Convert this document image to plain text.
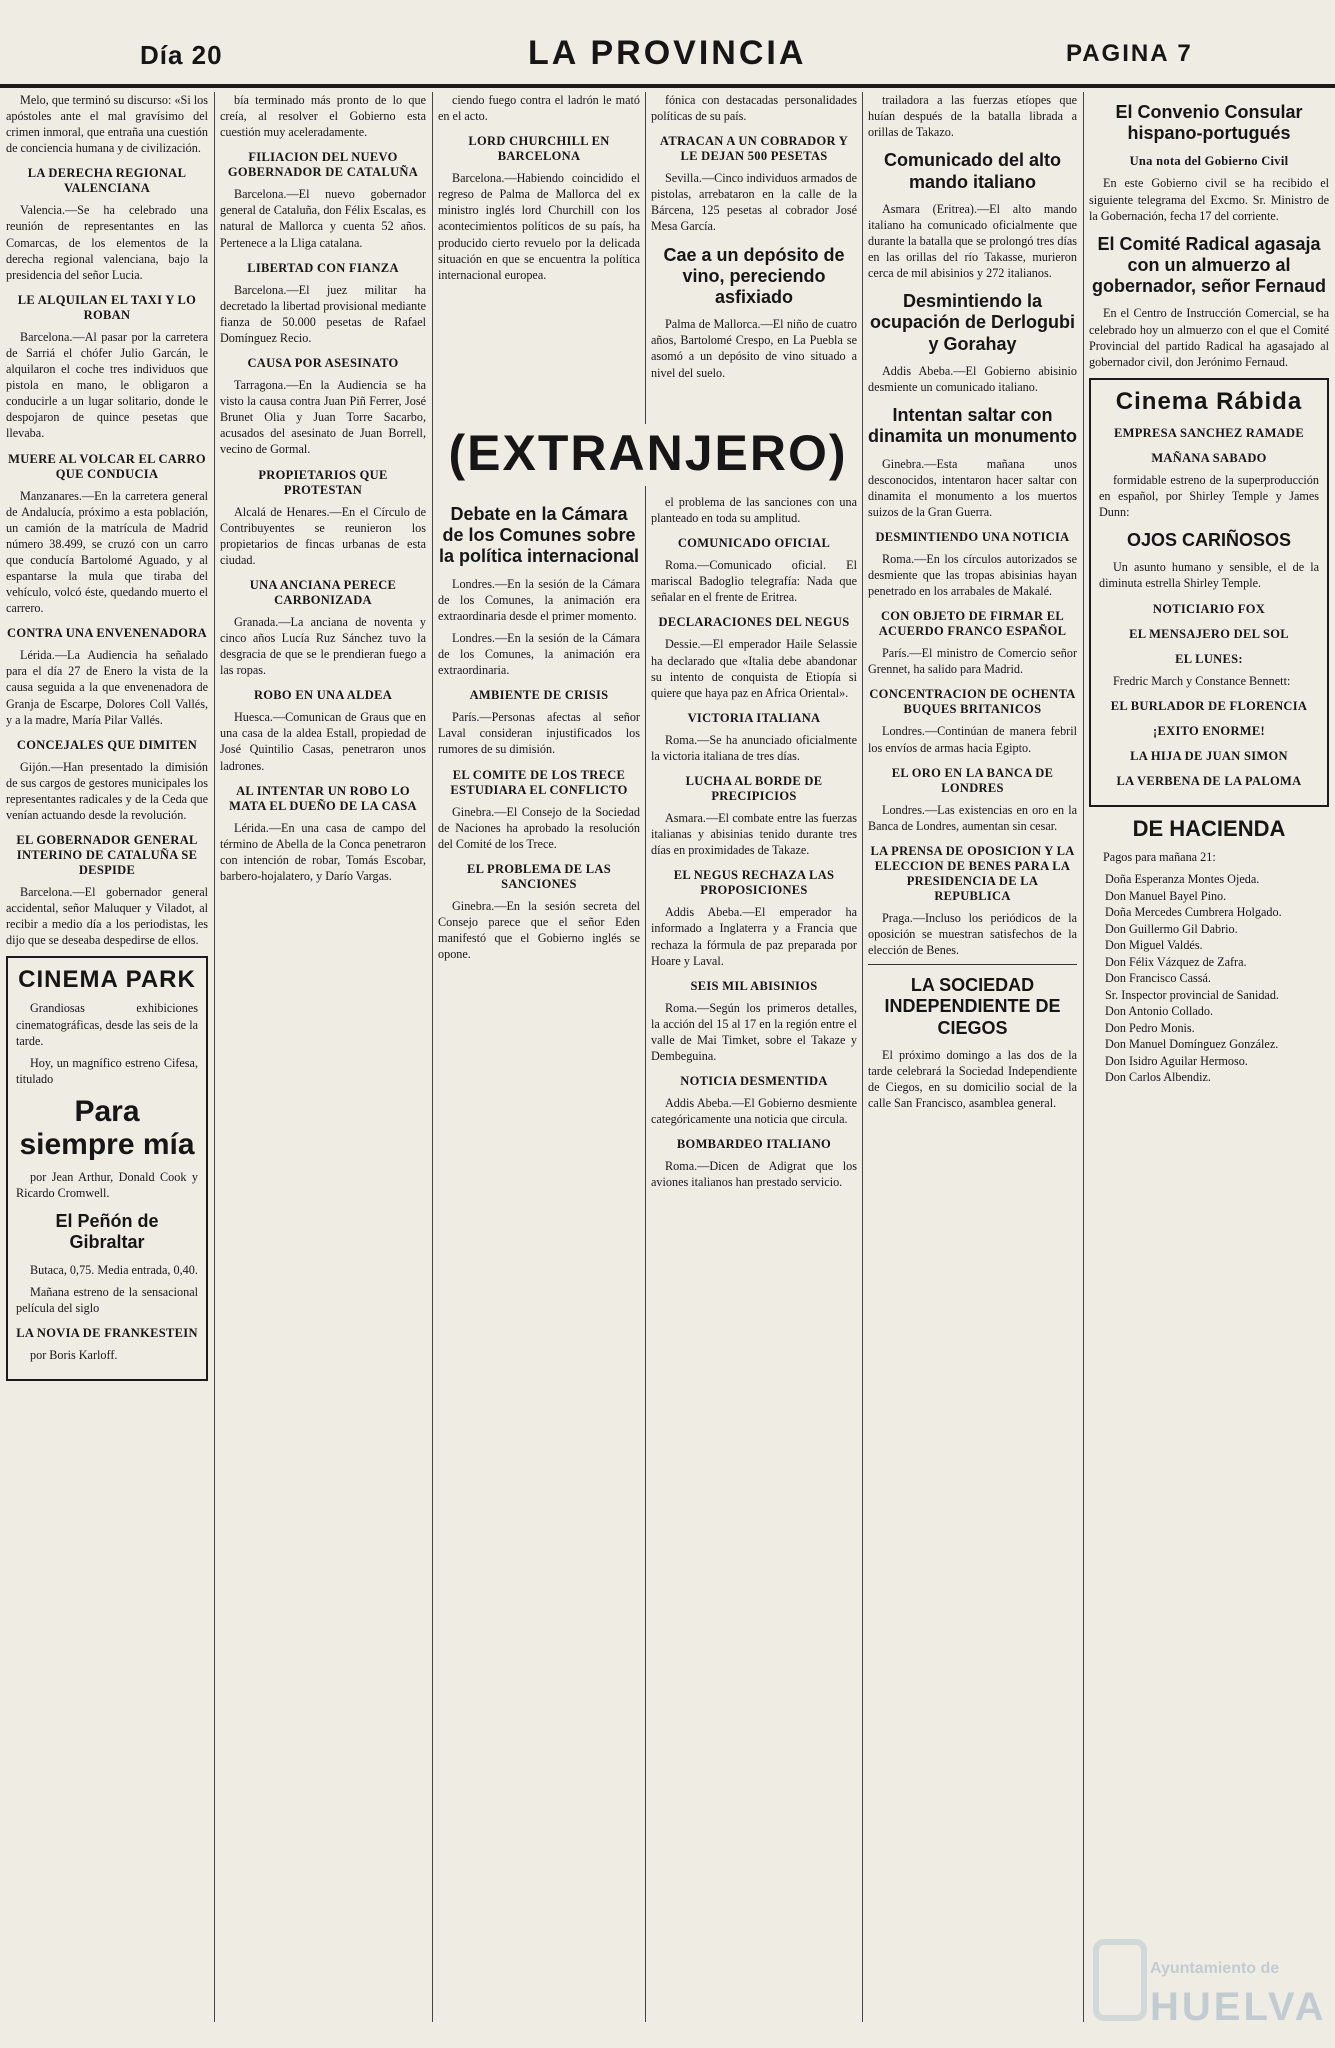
Día 20	LA PROVINCIA	PAGINA 7

Melo, que terminó su discurso: «Si los apóstoles ante el mal gravísimo del crimen inmoral, que entraña una cuestión de conciencia humana y de civilización.

LA DERECHA REGIONAL VALENCIANA

Valencia.—Se ha celebrado una reunión de representantes en las Comarcas, de los elementos de la derecha regional valenciana, bajo la presidencia del señor Lucia.

LE ALQUILAN EL TAXI Y LO ROBAN

Barcelona.—Al pasar por la carretera de Sarriá el chófer Julio Garcán, le alquilaron el coche tres individuos que pistola en mano, le obligaron a conducirle a un lugar solitario, donde le despojaron de quince pesetas que llevaba.

MUERE AL VOLCAR EL CARRO QUE CONDUCIA

Manzanares.—En la carretera general de Andalucía, próximo a esta población, un camión de la matrícula de Madrid número 38.499, se cruzó con un carro que conducía Bartolomé Aguado, y al espantarse la mula que tiraba del vehículo, volcó éste, quedando muerto el carrero.

CONTRA UNA ENVENENADORA

Lérida.—La Audiencia ha señalado para el día 27 de Enero la vista de la causa seguida a la que envenenadora de Granja de Escarpe, Dolores Coll Vallés, y a la madre, María Pilar Vallés.

CONCEJALES QUE DIMITEN

Gijón.—Han presentado la dimisión de sus cargos de gestores municipales los representantes radicales y de la Ceda que venían actuando desde la revolución.

EL GOBERNADOR GENERAL INTERINO DE CATALUÑA SE DESPIDE

Barcelona.—El gobernador general accidental, señor Maluquer y Viladot, al recibir a medio día a los periodistas, les dijo que se deseaba despedirse de ellos.

CINEMA PARK

Grandiosas exhibiciones cinematográficas, desde las seis de la tarde.

Hoy, un magnífico estreno Cifesa, titulado

Para siempre mía

por Jean Arthur, Donald Cook y Ricardo Cromwell.

El Peñón de Gibraltar

Butaca, 0,75. Media entrada, 0,40.

Mañana estreno de la sensacional película del siglo

LA NOVIA DE FRANKESTEIN

por Boris Karloff.

bía terminado más pronto de lo que creía, al resolver el Gobierno esta cuestión muy aceleradamente.

FILIACION DEL NUEVO GOBERNADOR DE CATALUÑA

Barcelona.—El nuevo gobernador general de Cataluña, don Félix Escalas, es natural de Mallorca y cuenta 52 años. Pertenece a la Lliga catalana.

LIBERTAD CON FIANZA

Barcelona.—El juez militar ha decretado la libertad provisional mediante fianza de 50.000 pesetas de Rafael Domínguez Recio.

CAUSA POR ASESINATO

Tarragona.—En la Audiencia se ha visto la causa contra Juan Piñ Ferrer, José Brunet Olia y Juan Torre Sacarbo, acusados del asesinato de Juan Borrell, vecino de Gormal.

PROPIETARIOS QUE PROTESTAN

Alcalá de Henares.—En el Círculo de Contribuyentes se reunieron los propietarios de fincas urbanas de esta ciudad.

UNA ANCIANA PERECE CARBONIZADA

Granada.—La anciana de noventa y cinco años Lucía Ruz Sánchez tuvo la desgracia de que se le prendieran fuego a las ropas.

ROBO EN UNA ALDEA

Huesca.—Comunican de Graus que en una casa de la aldea Estall, propiedad de José Quintilio Casas, penetraron unos ladrones.

AL INTENTAR UN ROBO LO MATA EL DUEÑO DE LA CASA

Lérida.—En una casa de campo del término de Abella de la Conca penetraron con intención de robar, Tomás Escobar, barbero-hojalatero, y Darío Vargas.

ciendo fuego contra el ladrón le mató en el acto.

LORD CHURCHILL EN BARCELONA

Barcelona.—Habiendo coincidido el regreso de Palma de Mallorca del ex ministro inglés lord Churchill con los acontecimientos políticos de su país, ha producido cierto revuelo por la delicada situación en que se encuentra la política internacional europea.

fónica con destacadas personalidades políticas de su país.

ATRACAN A UN COBRADOR Y LE DEJAN 500 PESETAS

Sevilla.—Cinco individuos armados de pistolas, arrebataron en la calle de la Bárcena, 125 pesetas al cobrador José Mesa García.

Cae a un depósito de vino, pereciendo asfixiado

Palma de Mallorca.—El niño de cuatro años, Bartolomé Crespo, en La Puebla se asomó a un depósito de vino situado a nivel del suelo.

(EXTRANJERO)
Debate en la Cámara de los Comunes sobre la política internacional

Londres.—En la sesión de la Cámara de los Comunes, la animación era extraordinaria desde el primer momento.

Londres.—En la sesión de la Cámara de los Comunes, la animación era extraordinaria.

AMBIENTE DE CRISIS

París.—Personas afectas al señor Laval consideran injustificados los rumores de su dimisión.

EL COMITE DE LOS TRECE ESTUDIARA EL CONFLICTO

Ginebra.—El Consejo de la Sociedad de Naciones ha aprobado la resolución del Comité de los Trece.

EL PROBLEMA DE LAS SANCIONES

Ginebra.—En la sesión secreta del Consejo parece que el señor Eden manifestó que el Gobierno inglés se opone.

el problema de las sanciones con una planteado en toda su amplitud.

COMUNICADO OFICIAL

Roma.—Comunicado oficial. El mariscal Badoglio telegrafía: Nada que señalar en el frente de Eritrea.

DECLARACIONES DEL NEGUS

Dessie.—El emperador Haile Selassie ha declarado que «Italia debe abandonar su intento de conquista de Etiopía si quiere que haya paz en Africa Oriental».

VICTORIA ITALIANA

Roma.—Se ha anunciado oficialmente la victoria italiana de tres días.

LUCHA AL BORDE DE PRECIPICIOS

Asmara.—El combate entre las fuerzas italianas y abisinias tenido durante tres días en proximidades de Takaze.

EL NEGUS RECHAZA LAS PROPOSICIONES

Addis Abeba.—El emperador ha informado a Inglaterra y a Francia que rechaza la fórmula de paz preparada por Hoare y Laval.

SEIS MIL ABISINIOS

Roma.—Según los primeros detalles, la acción del 15 al 17 en la región entre el valle de Mai Timket, sobre el Takaze y Dembeguina.

NOTICIA DESMENTIDA

Addis Abeba.—El Gobierno desmiente categóricamente una noticia que circula.

BOMBARDEO ITALIANO

Roma.—Dicen de Adigrat que los aviones italianos han prestado servicio.

trailadora a las fuerzas etíopes que huían después de la batalla librada a orillas de Takazo.

Comunicado del alto mando italiano

Asmara (Eritrea).—El alto mando italiano ha comunicado oficialmente que durante la batalla que se prolongó tres días en las orillas del río Takasse, murieron cerca de mil abisinios y 272 italianos.

Desmintiendo la ocupación de Derlogubi y Gorahay

Addis Abeba.—El Gobierno abisinio desmiente un comunicado italiano.

Intentan saltar con dinamita un monumento

Ginebra.—Esta mañana unos desconocidos, intentaron hacer saltar con dinamita el monumento a los muertos suizos de la Gran Guerra.

DESMINTIENDO UNA NOTICIA

Roma.—En los círculos autorizados se desmiente que las tropas abisinias hayan penetrado en los arrabales de Makalé.

CON OBJETO DE FIRMAR EL ACUERDO FRANCO ESPAÑOL

París.—El ministro de Comercio señor Grennet, ha salido para Madrid.

CONCENTRACION DE OCHENTA BUQUES BRITANICOS

Londres.—Continúan de manera febril los envíos de armas hacia Egipto.

EL ORO EN LA BANCA DE LONDRES

Londres.—Las existencias en oro en la Banca de Londres, aumentan sin cesar.

LA PRENSA DE OPOSICION Y LA ELECCION DE BENES PARA LA PRESIDENCIA DE LA REPUBLICA

Praga.—Incluso los periódicos de la oposición se muestran satisfechos de la elección de Benes.

LA SOCIEDAD INDEPENDIENTE DE CIEGOS

El próximo domingo a las dos de la tarde celebrará la Sociedad Independiente de Ciegos, en su domicilio social de la calle San Francisco, asamblea general.

El Convenio Consular hispano-portugués
Una nota del Gobierno Civil

En este Gobierno civil se ha recibido el siguiente telegrama del Excmo. Sr. Ministro de la Gobernación, fecha 17 del corriente.

El Comité Radical agasaja con un almuerzo al gobernador, señor Fernaud

En el Centro de Instrucción Comercial, se ha celebrado hoy un almuerzo con el que el Comité Provincial del partido Radical ha agasajado al gobernador civil, don Jerónimo Fernaud.

Cinema Rábida
EMPRESA SANCHEZ RAMADE
MAÑANA SABADO

formidable estreno de la superproducción en español, por Shirley Temple y James Dunn:

OJOS CARIÑOSOS

Un asunto humano y sensible, el de la diminuta estrella Shirley Temple.

NOTICIARIO FOX
EL MENSAJERO DEL SOL
EL LUNES:

Fredric March y Constance Bennett:

EL BURLADOR DE FLORENCIA
¡EXITO ENORME!
LA HIJA DE JUAN SIMON
LA VERBENA DE LA PALOMA
DE HACIENDA

Pagos para mañana 21:

Doña Esperanza Montes Ojeda.
Don Manuel Bayel Pino.
Doña Mercedes Cumbrera Holgado.
Don Guillermo Gil Dabrio.
Don Miguel Valdés.
Don Félix Vázquez de Zafra.
Don Francisco Cassá.
Sr. Inspector provincial de Sanidad.
Don Antonio Collado.
Don Pedro Monis.
Don Manuel Domínguez González.
Don Isidro Aguilar Hermoso.
Don Carlos Albendiz.
Ayuntamiento de
HUELVA
